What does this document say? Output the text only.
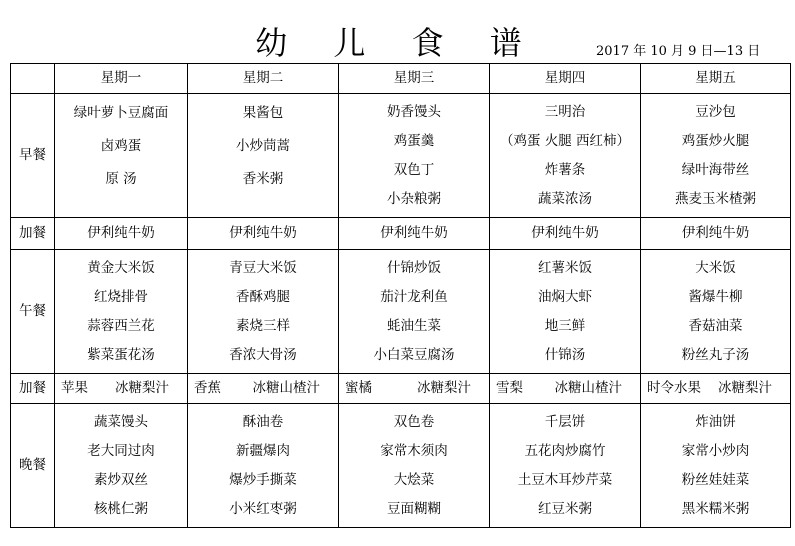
幼 儿 食 谱	2017 年 10 月 9 日—13 日
	星期一	星期二	星期三	星期四	星期五
早餐	绿叶萝卜豆腐面
卤鸡蛋
原 汤	果酱包
小炒茼蒿
香米粥	奶香馒头
鸡蛋羹
双色丁
小杂粮粥	三明治
（鸡蛋 火腿 西红柿）
炸薯条
蔬菜浓汤	豆沙包
鸡蛋炒火腿
绿叶海带丝
燕麦玉米楂粥

加餐	伊利纯牛奶	伊利纯牛奶	伊利纯牛奶	伊利纯牛奶	伊利纯牛奶

午餐	黄金大米饭
红烧排骨
蒜蓉西兰花
紫菜蛋花汤	青豆大米饭
香酥鸡腿
素烧三样
香浓大骨汤	什锦炒饭
茄汁龙利鱼
蚝油生菜
小白菜豆腐汤	红薯米饭
油焖大虾
地三鲜
什锦汤	大米饭
酱爆牛柳
香菇油菜
粉丝丸子汤

加餐	苹果 冰糖梨汁	香蕉 冰糖山楂汁	蜜橘 冰糖梨汁	雪梨 冰糖山楂汁	时令水果 冰糖梨汁

晚餐	蔬菜馒头
老大同过肉
素炒双丝
核桃仁粥	酥油卷
新疆爆肉
爆炒手撕菜
小米红枣粥	双色卷
家常木须肉
大烩菜
豆面糊糊	千层饼
五花肉炒腐竹
土豆木耳炒芹菜
红豆米粥	炸油饼
家常小炒肉
粉丝娃娃菜
黑米糯米粥
